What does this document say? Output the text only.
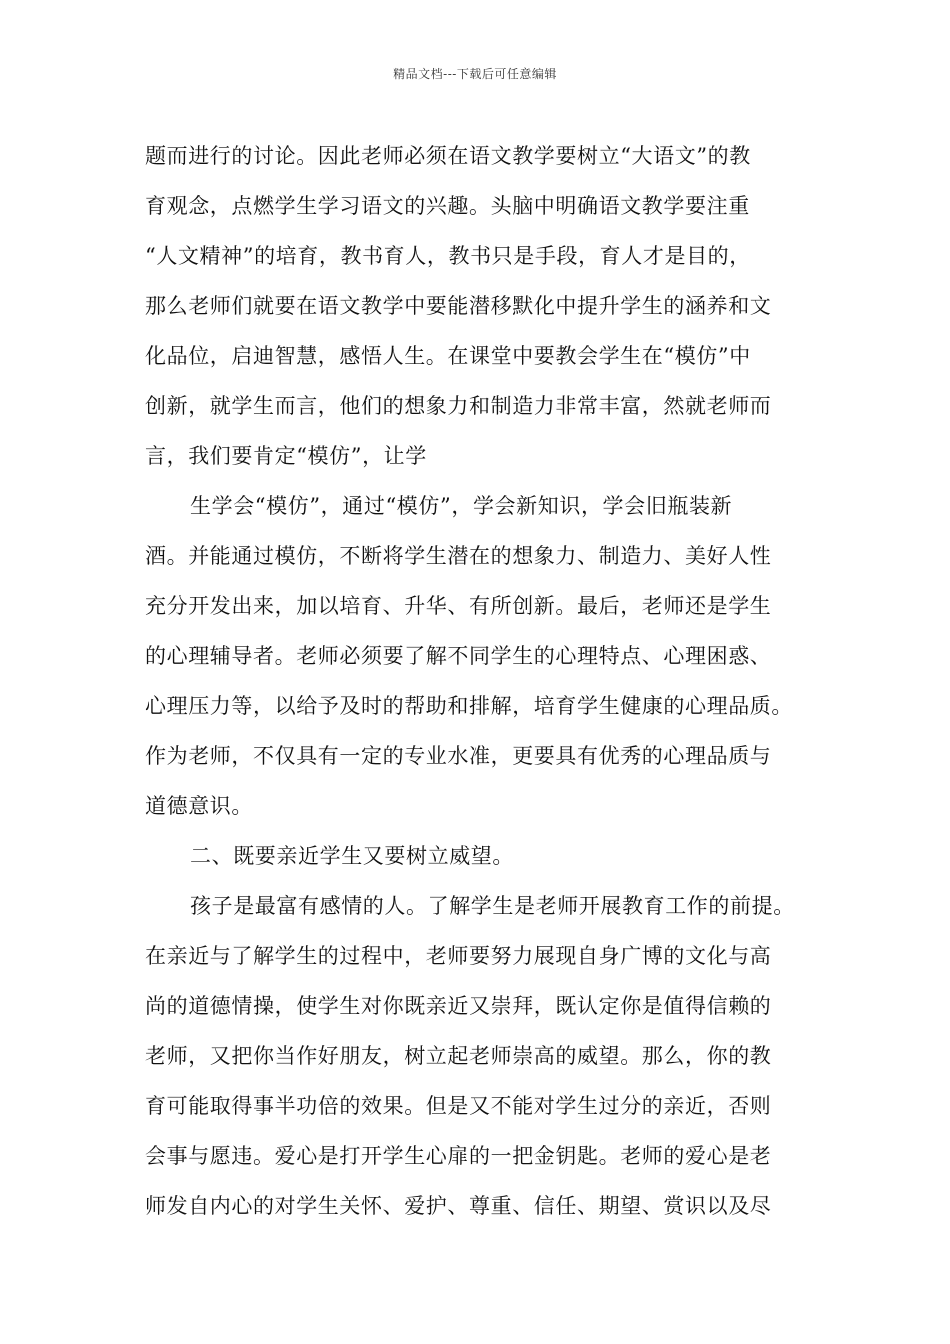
精品文档---下载后可任意编辑
题而进行的讨论。因此老师必须在语文教学要树立“大语文”的教
育观念，点燃学生学习语文的兴趣。头脑中明确语文教学要注重
“人文精神”的培育，教书育人，教书只是手段，育人才是目的，
那么老师们就要在语文教学中要能潜移默化中提升学生的涵养和文
化品位，启迪智慧，感悟人生。在课堂中要教会学生在“模仿”中
创新，就学生而言，他们的想象力和制造力非常丰富，然就老师而
言，我们要肯定“模仿”，让学
生学会“模仿”，通过“模仿”，学会新知识，学会旧瓶装新
酒。并能通过模仿，不断将学生潜在的想象力、制造力、美好人性
充分开发出来，加以培育、升华、有所创新。最后，老师还是学生
的心理辅导者。老师必须要了解不同学生的心理特点、心理困惑、
心理压力等，以给予及时的帮助和排解，培育学生健康的心理品质。
作为老师，不仅具有一定的专业水准，更要具有优秀的心理品质与
道德意识。
二、既要亲近学生又要树立威望。
孩子是最富有感情的人。了解学生是老师开展教育工作的前提。
在亲近与了解学生的过程中，老师要努力展现自身广博的文化与高
尚的道德情操，使学生对你既亲近又崇拜，既认定你是值得信赖的
老师，又把你当作好朋友，树立起老师崇高的威望。那么，你的教
育可能取得事半功倍的效果。但是又不能对学生过分的亲近，否则
会事与愿违。爱心是打开学生心扉的一把金钥匙。老师的爱心是老
师发自内心的对学生关怀、爱护、尊重、信任、期望、赏识以及尽
